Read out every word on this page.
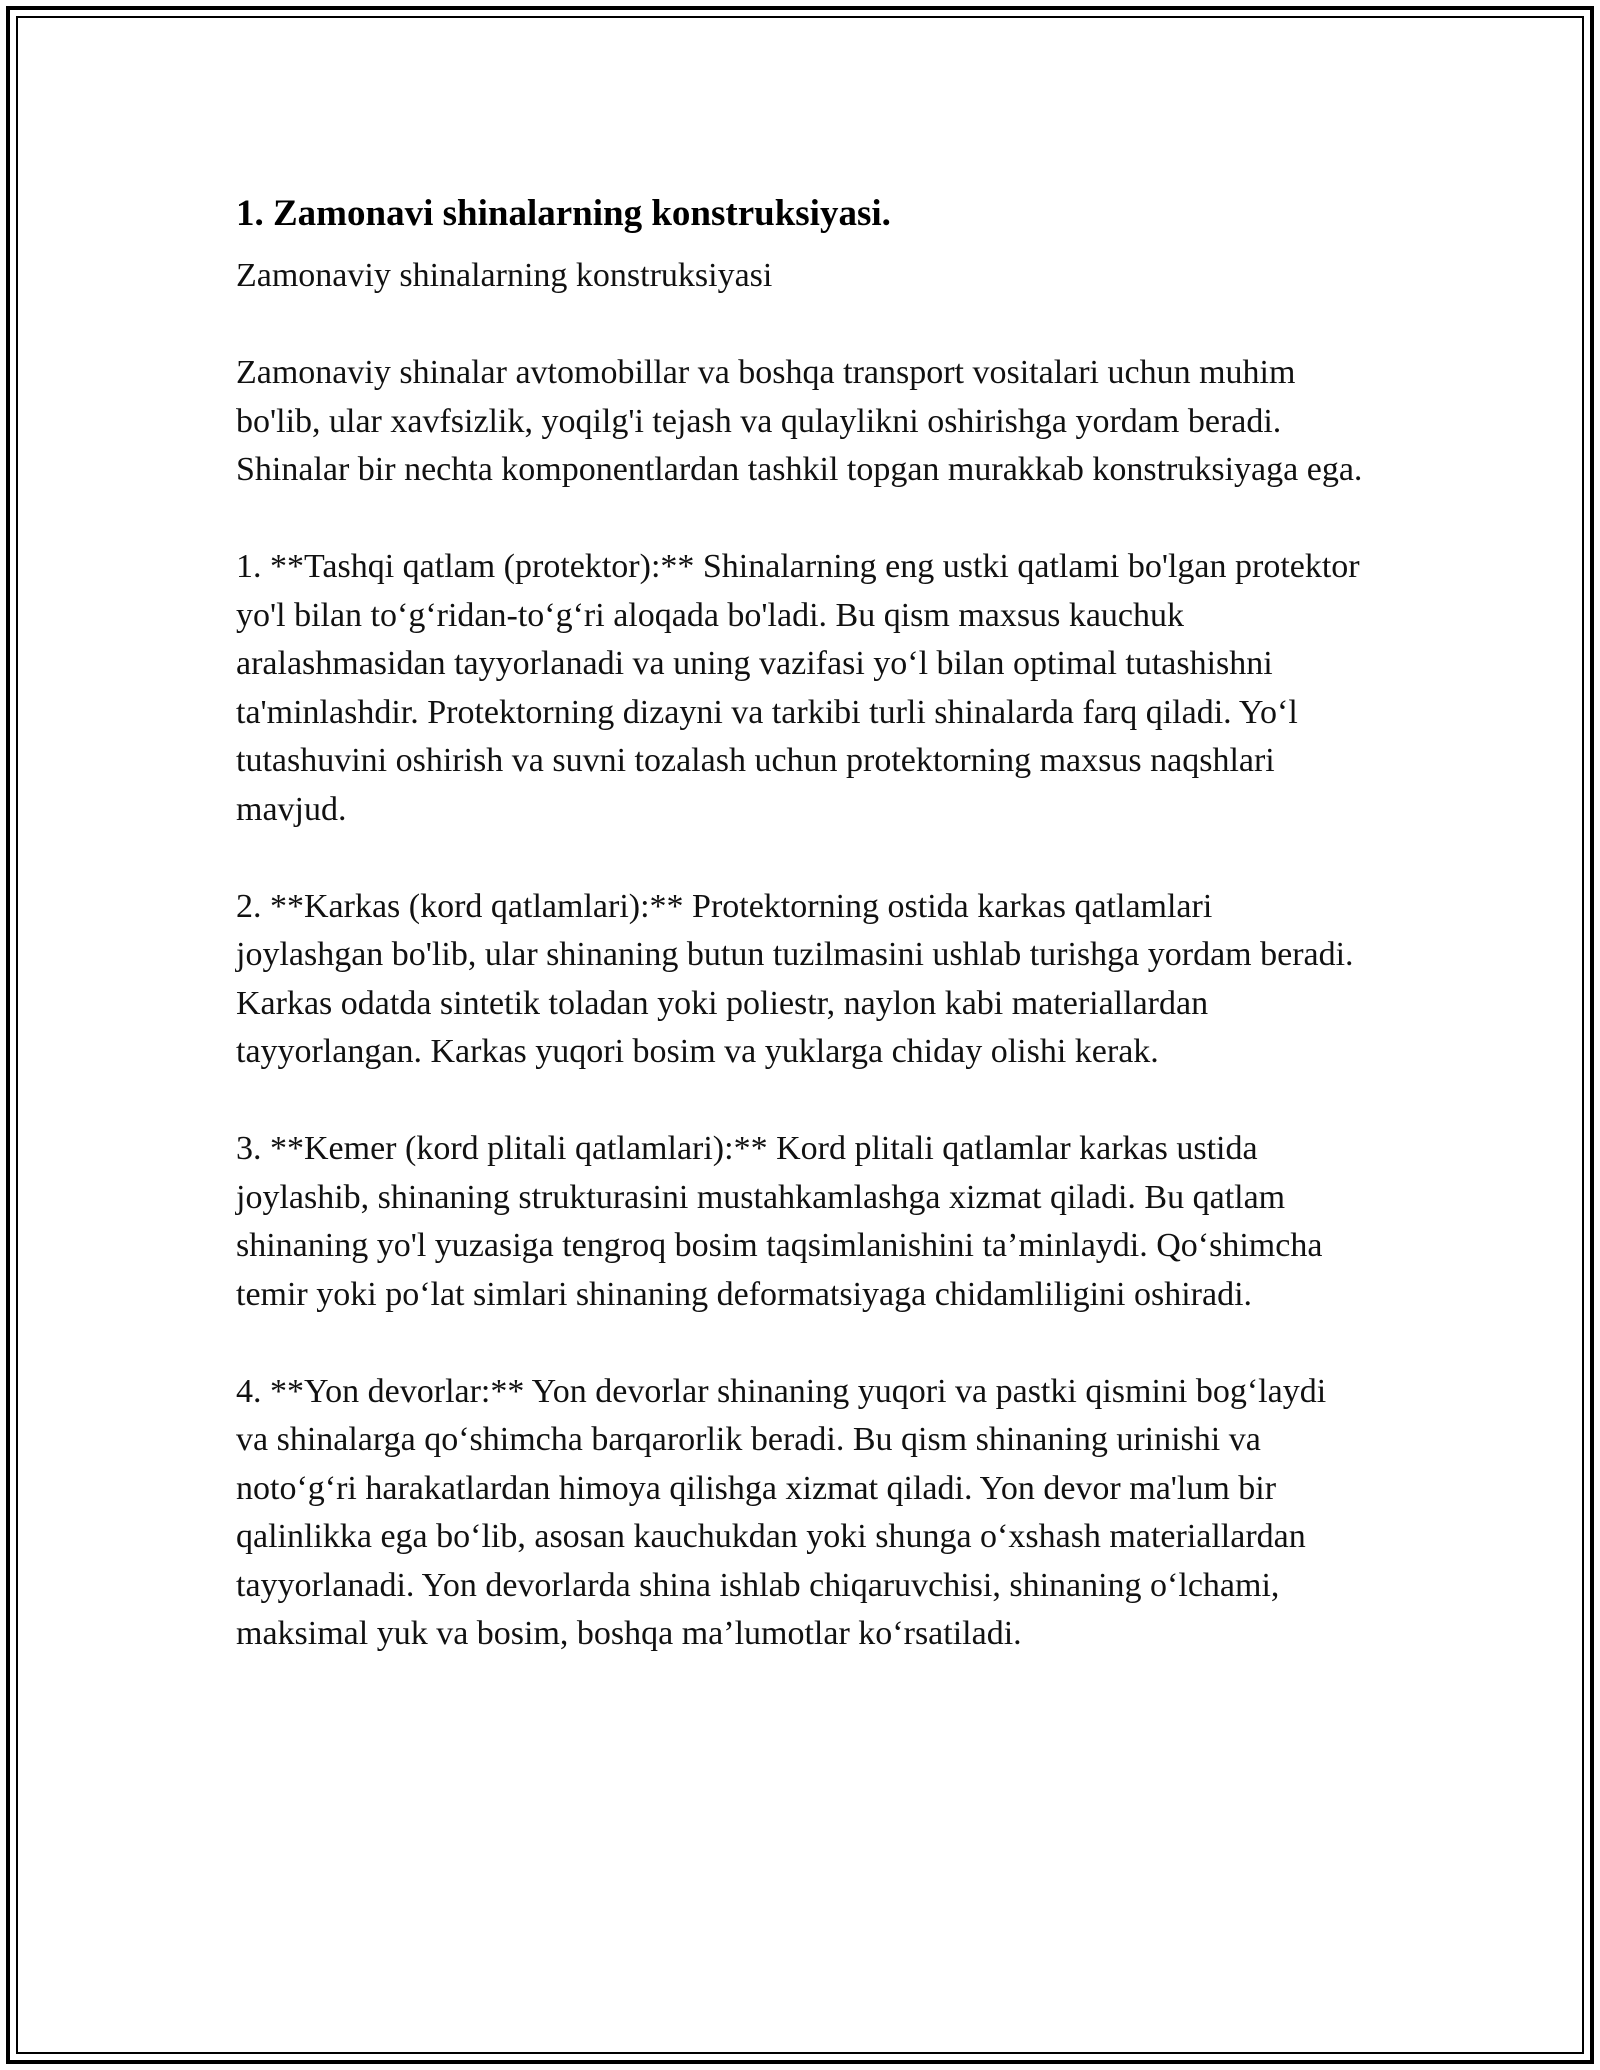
1. Zamonavi shinalarning konstruksiyasi.

Zamonaviy shinalarning konstruksiyasi

Zamonaviy shinalar avtomobillar va boshqa transport vositalari uchun muhim bo'lib, ular xavfsizlik, yoqilg'i tejash va qulaylikni oshirishga yordam beradi. Shinalar bir nechta komponentlardan tashkil topgan murakkab konstruksiyaga ega.

1. **Tashqi qatlam (protektor):** Shinalarning eng ustki qatlami bo'lgan protektor yo'l bilan to‘g‘ridan-to‘g‘ri aloqada bo'ladi. Bu qism maxsus kauchuk aralashmasidan tayyorlanadi va uning vazifasi yo‘l bilan optimal tutashishni ta'minlashdir. Protektorning dizayni va tarkibi turli shinalarda farq qiladi. Yo‘l tutashuvini oshirish va suvni tozalash uchun protektorning maxsus naqshlari mavjud.

2. **Karkas (kord qatlamlari):** Protektorning ostida karkas qatlamlari joylashgan bo'lib, ular shinaning butun tuzilmasini ushlab turishga yordam beradi. Karkas odatda sintetik toladan yoki poliestr, naylon kabi materiallardan tayyorlangan. Karkas yuqori bosim va yuklarga chiday olishi kerak.

3. **Kemer (kord plitali qatlamlari):** Kord plitali qatlamlar karkas ustida joylashib, shinaning strukturasini mustahkamlashga xizmat qiladi. Bu qatlam shinaning yo'l yuzasiga tengroq bosim taqsimlanishini ta’minlaydi. Qo‘shimcha temir yoki po‘lat simlari shinaning deformatsiyaga chidamliligini oshiradi.

4. **Yon devorlar:** Yon devorlar shinaning yuqori va pastki qismini bog‘laydi va shinalarga qo‘shimcha barqarorlik beradi. Bu qism shinaning urinishi va noto‘g‘ri harakatlardan himoya qilishga xizmat qiladi. Yon devor ma'lum bir qalinlikka ega bo‘lib, asosan kauchukdan yoki shunga o‘xshash materiallardan tayyorlanadi. Yon devorlarda shina ishlab chiqaruvchisi, shinaning o‘lchami, maksimal yuk va bosim, boshqa ma’lumotlar ko‘rsatiladi.
